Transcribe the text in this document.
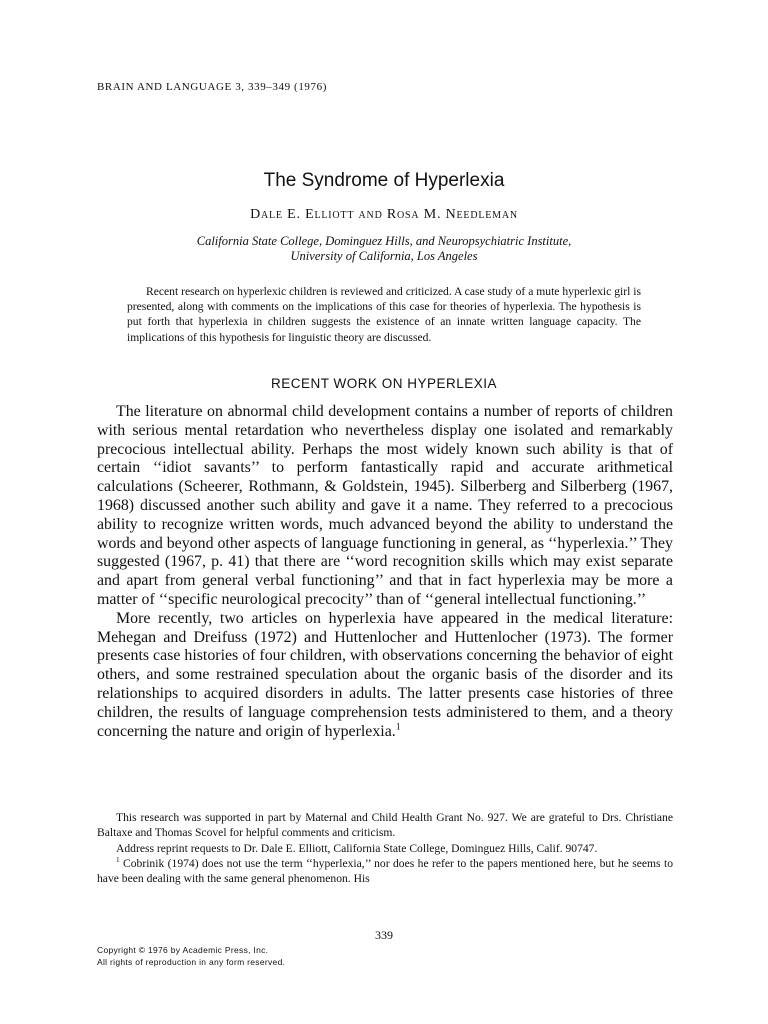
BRAIN AND LANGUAGE 3, 339–349 (1976)
The Syndrome of Hyperlexia
Dale E. Elliott and Rosa M. Needleman
California State College, Dominguez Hills, and Neuropsychiatric Institute,
University of California, Los Angeles
Recent research on hyperlexic children is reviewed and criticized. A case study of a mute hyperlexic girl is presented, along with comments on the implications of this case for theories of hyperlexia. The hypothesis is put forth that hyperlexia in children suggests the existence of an innate written language capacity. The implications of this hypothesis for linguistic theory are discussed.
RECENT WORK ON HYPERLEXIA

The literature on abnormal child development contains a number of reports of children with serious mental retardation who nevertheless display one isolated and remarkably precocious intellectual ability. Perhaps the most widely known such ability is that of certain ‘‘idiot savants’’ to perform fantastically rapid and accurate arithmetical calculations (Scheerer, Rothmann, & Goldstein, 1945). Silberberg and Silberberg (1967, 1968) discussed another such ability and gave it a name. They referred to a precocious ability to recognize written words, much advanced beyond the ability to understand the words and beyond other aspects of language functioning in general, as ‘‘hyperlexia.’’ They suggested (1967, p. 41) that there are ‘‘word recognition skills which may exist separate and apart from general verbal functioning’’ and that in fact hyperlexia may be more a matter of ‘‘specific neurological precocity’’ than of ‘‘general intellectual functioning.’’

More recently, two articles on hyperlexia have appeared in the medical literature: Mehegan and Dreifuss (1972) and Huttenlocher and Huttenlocher (1973). The former presents case histories of four children, with observations concerning the behavior of eight others, and some restrained speculation about the organic basis of the disorder and its relationships to acquired disorders in adults. The latter presents case histories of three children, the results of language comprehension tests administered to them, and a theory concerning the nature and origin of hyperlexia.$^1$

This research was supported in part by Maternal and Child Health Grant No. 927. We are grateful to Drs. Christiane Baltaxe and Thomas Scovel for helpful comments and criticism.

Address reprint requests to Dr. Dale E. Elliott, California State College, Dominguez Hills, Calif. 90747.

$^1$ Cobrinik (1974) does not use the term ‘‘hyperlexia,’’ nor does he refer to the papers mentioned here, but he seems to have been dealing with the same general phenomenon. His

339
Copyright © 1976 by Academic Press, Inc.
All rights of reproduction in any form reserved.
